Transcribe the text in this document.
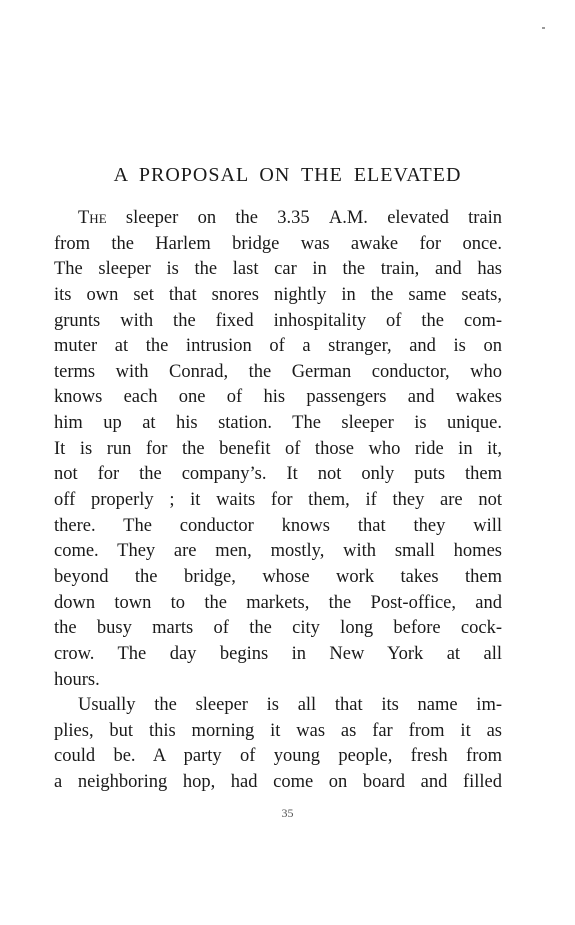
A PROPOSAL ON THE ELEVATED
The sleeper on the 3.35 A.M. elevated train
from the Harlem bridge was awake for once.
The sleeper is the last car in the train, and has
its own set that snores nightly in the same seats,
grunts with the fixed inhospitality of the com-
muter at the intrusion of a stranger, and is on
terms with Conrad, the German conductor, who
knows each one of his passengers and wakes
him up at his station. The sleeper is unique.
It is run for the benefit of those who ride in it,
not for the company’s. It not only puts them
off properly ; it waits for them, if they are not
there. The conductor knows that they will
come. They are men, mostly, with small homes
beyond the bridge, whose work takes them
down town to the markets, the Post-office, and
the busy marts of the city long before cock-
crow. The day begins in New York at all
hours.
Usually the sleeper is all that its name im-
plies, but this morning it was as far from it as
could be. A party of young people, fresh from
a neighboring hop, had come on board and filled
35
